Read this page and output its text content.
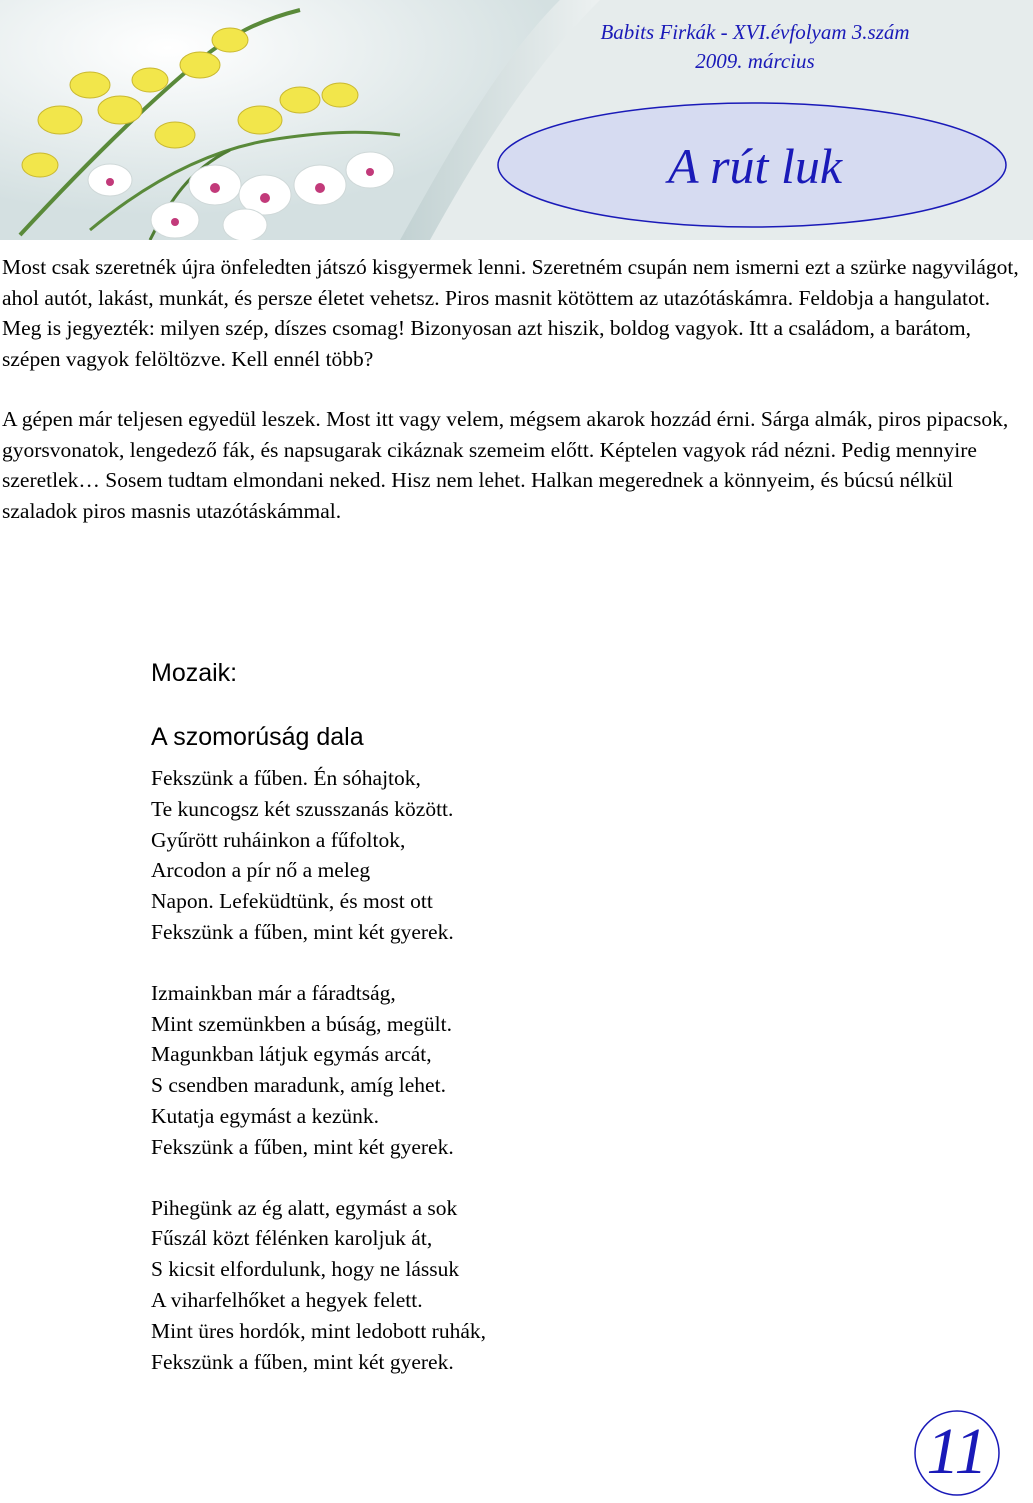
Babits Firkák - XVI.évfolyam 3.szám
2009. március
A rút luk

Most csak szeretnék újra önfeledten játszó kisgyermek lenni. Szeretném csupán nem ismerni ezt a szürke nagyvilágot, ahol autót, lakást, munkát, és persze életet vehetsz. Piros masnit kötöttem az utazótáskámra. Feldobja a hangulatot. Meg is jegyezték: milyen szép, díszes csomag! Bizonyosan azt hiszik, boldog vagyok. Itt a családom, a barátom, szépen vagyok felöltözve. Kell ennél több?

A gépen már teljesen egyedül leszek. Most itt vagy velem, mégsem akarok hozzád érni. Sárga almák, piros pipacsok, gyorsvonatok, lengedező fák, és napsugarak cikáznak szemeim előtt. Képtelen vagyok rád nézni. Pedig mennyire szeretlek… Sosem tudtam elmondani neked. Hisz nem lehet. Halkan megerednek a könnyeim, és búcsú nélkül szaladok piros masnis utazótáskámmal.

Mozaik:
A szomorúság dala
Fekszünk a fűben. Én sóhajtok,
Te kuncogsz két szusszanás között.
Gyűrött ruháinkon a fűfoltok,
Arcodon a pír nő a meleg
Napon. Lefeküdtünk, és most ott
Fekszünk a fűben, mint két gyerek.
Izmainkban már a fáradtság,
Mint szemünkben a búság, megült.
Magunkban látjuk egymás arcát,
S csendben maradunk, amíg lehet.
Kutatja egymást a kezünk.
Fekszünk a fűben, mint két gyerek.
Pihegünk az ég alatt, egymást a sok
Fűszál közt félénken karoljuk át,
S kicsit elfordulunk, hogy ne lássuk
A viharfelhőket a hegyek felett.
Mint üres hordók, mint ledobott ruhák,
Fekszünk a fűben, mint két gyerek.
11
